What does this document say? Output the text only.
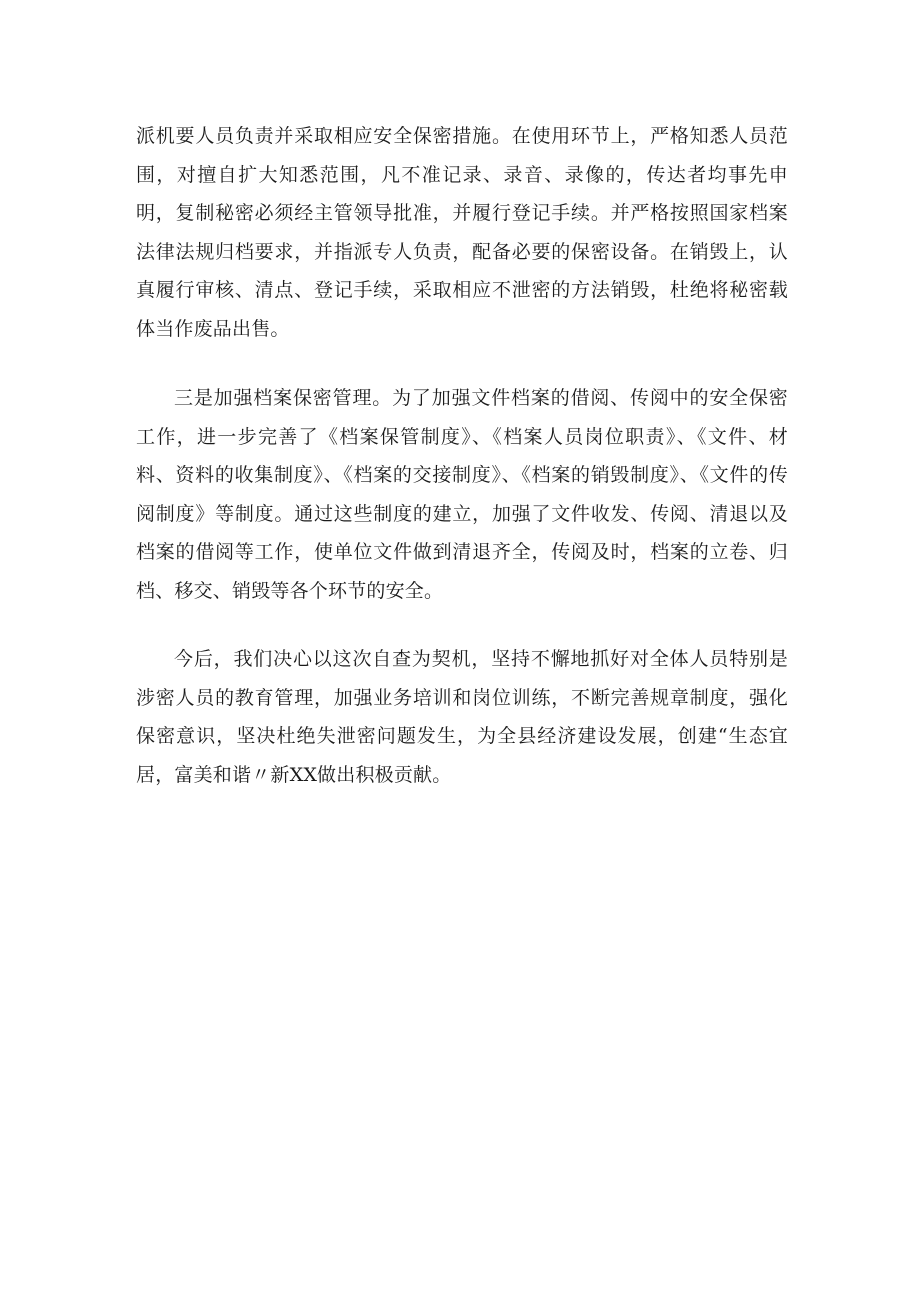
派机要人员负责并采取相应安全保密措施。在使用环节上，严格知悉人员范围，对擅自扩大知悉范围，凡不准记录、录音、录像的，传达者均事先申明，复制秘密必须经主管领导批准，并履行登记手续。并严格按照国家档案法律法规归档要求，并指派专人负责，配备必要的保密设备。在销毁上，认真履行审核、清点、登记手续，采取相应不泄密的方法销毁，杜绝将秘密载体当作废品出售。

三是加强档案保密管理。为了加强文件档案的借阅、传阅中的安全保密工作，进一步完善了《档案保管制度》、《档案人员岗位职责》、《文件、材料、资料的收集制度》、《档案的交接制度》、《档案的销毁制度》、《文件的传阅制度》等制度。通过这些制度的建立，加强了文件收发、传阅、清退以及档案的借阅等工作，使单位文件做到清退齐全，传阅及时，档案的立卷、归档、移交、销毁等各个环节的安全。

今后，我们决心以这次自查为契机，坚持不懈地抓好对全体人员特别是涉密人员的教育管理，加强业务培训和岗位训练，不断完善规章制度，强化保密意识，坚决杜绝失泄密问题发生，为全县经济建设发展，创建“生态宜居，富美和谐〃新XX做出积极贡献。
